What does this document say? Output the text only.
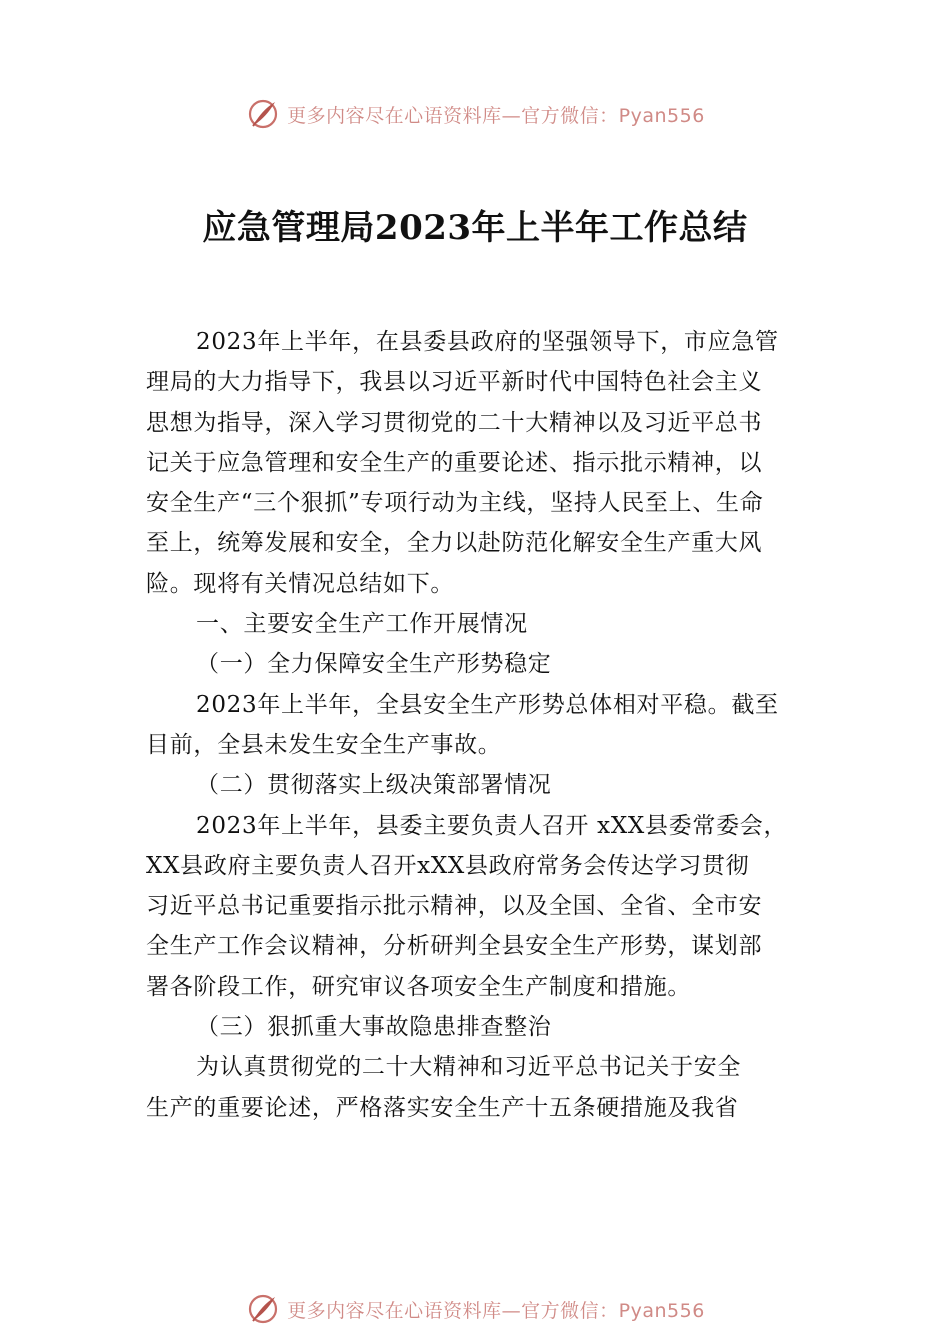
更多内容尽在心语资料库—官方微信：Pyan556
应急管理局2023年上半年工作总结
2023年上半年，在县委县政府的坚强领导下，市应急管
理局的大力指导下，我县以习近平新时代中国特色社会主义
思想为指导，深入学习贯彻党的二十大精神以及习近平总书
记关于应急管理和安全生产的重要论述、指示批示精神，以
安全生产“三个狠抓”专项行动为主线，坚持人民至上、生命
至上，统筹发展和安全，全力以赴防范化解安全生产重大风
险。现将有关情况总结如下。
一、主要安全生产工作开展情况
（一）全力保障安全生产形势稳定
2023年上半年，全县安全生产形势总体相对平稳。截至
目前，全县未发生安全生产事故。
（二）贯彻落实上级决策部署情况
2023年上半年，县委主要负责人召开 xXX县委常委会，
XX县政府主要负责人召开xXX县政府常务会传达学习贯彻
习近平总书记重要指示批示精神，以及全国、全省、全市安
全生产工作会议精神，分析研判全县安全生产形势，谋划部
署各阶段工作，研究审议各项安全生产制度和措施。
（三）狠抓重大事故隐患排查整治
为认真贯彻党的二十大精神和习近平总书记关于安全
生产的重要论述，严格落实安全生产十五条硬措施及我省
更多内容尽在心语资料库—官方微信：Pyan556
